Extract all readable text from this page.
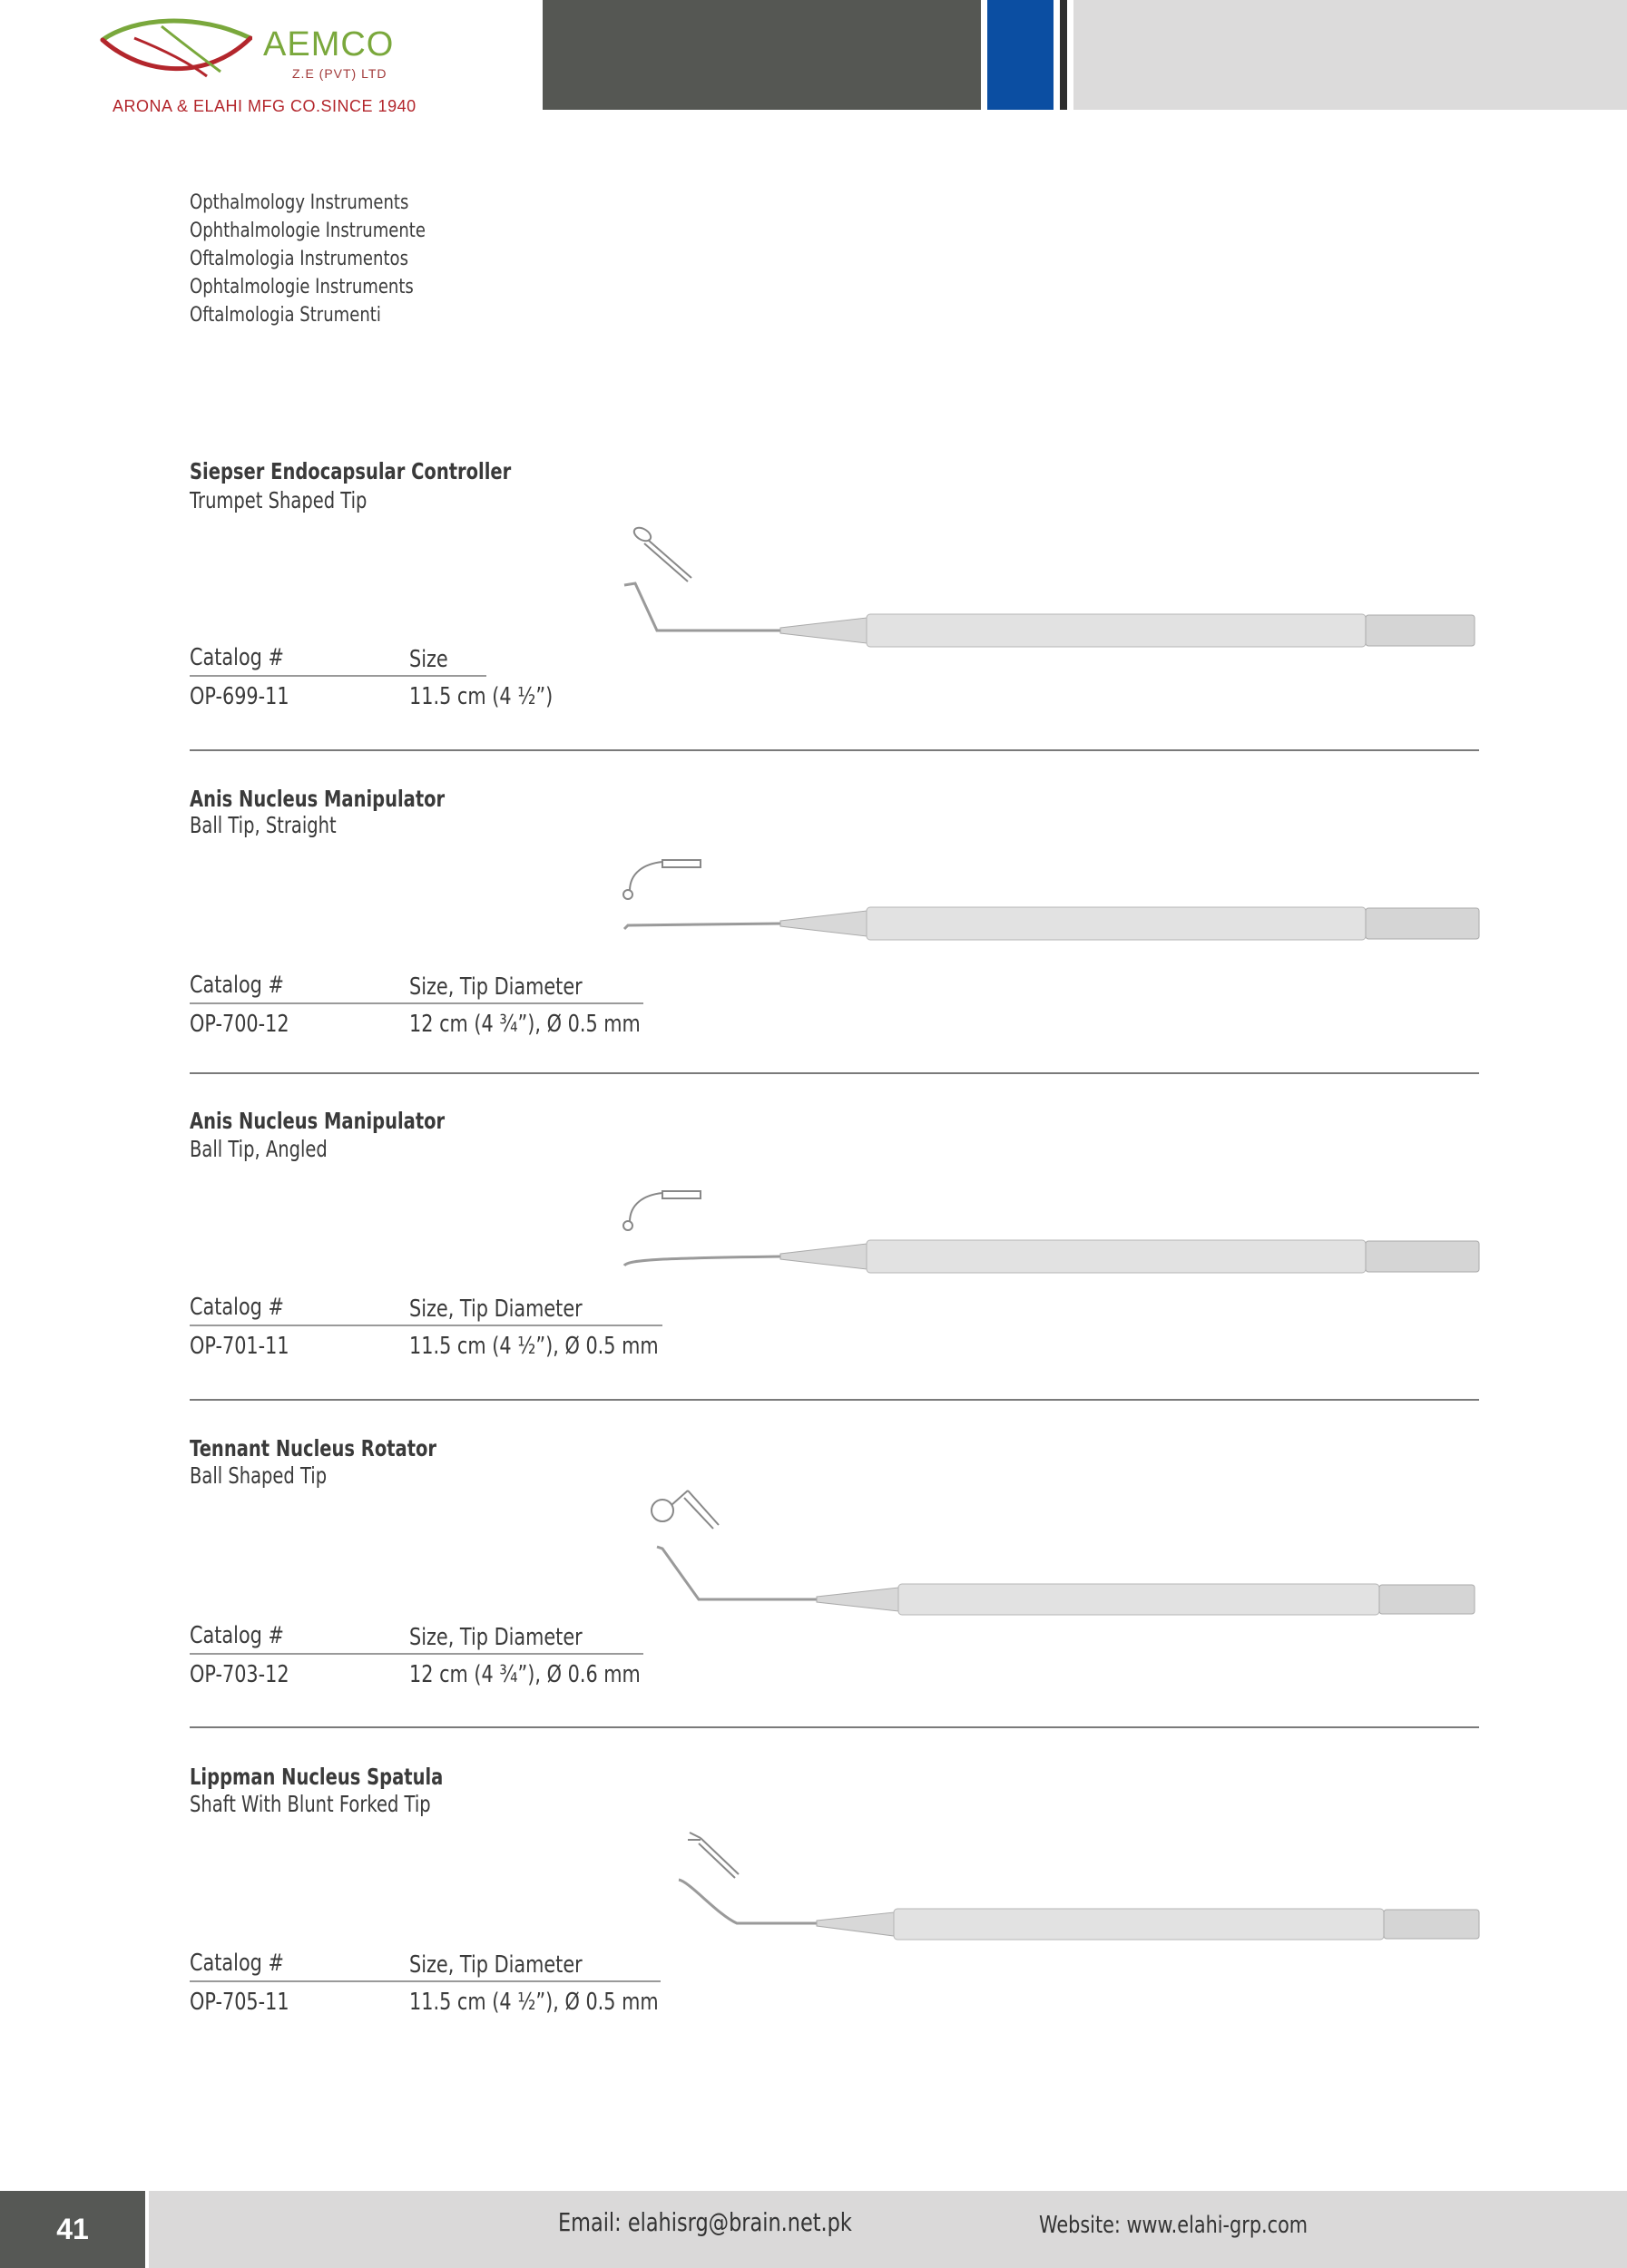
AEMCO
Z.E (PVT) LTD
ARONA & ELAHI MFG CO.SINCE 1940
Opthalmology Instruments
Ophthalmologie Instrumente
Oftalmologia Instrumentos
Ophtalmologie Instruments
Oftalmologia Strumenti
Siepser Endocapsular Controller
Trumpet Shaped Tip
Catalog #	Size
OP-699-11	11.5 cm (4 ½”)
Anis Nucleus Manipulator
Ball Tip, Straight
Catalog #	Size, Tip Diameter
OP-700-12	12 cm (4 ¾”), Ø 0.5 mm
Anis Nucleus Manipulator
Ball Tip, Angled
Catalog #	Size, Tip Diameter
OP-701-11	11.5 cm (4 ½”), Ø 0.5 mm
Tennant Nucleus Rotator
Ball Shaped Tip
Catalog #	Size, Tip Diameter
OP-703-12	12 cm (4 ¾”), Ø 0.6 mm
Lippman Nucleus Spatula
Shaft With Blunt Forked Tip
Catalog #	Size, Tip Diameter
OP-705-11	11.5 cm (4 ½”), Ø 0.5 mm
41	Email: elahisrg@brain.net.pk	Website: www.elahi-grp.com
